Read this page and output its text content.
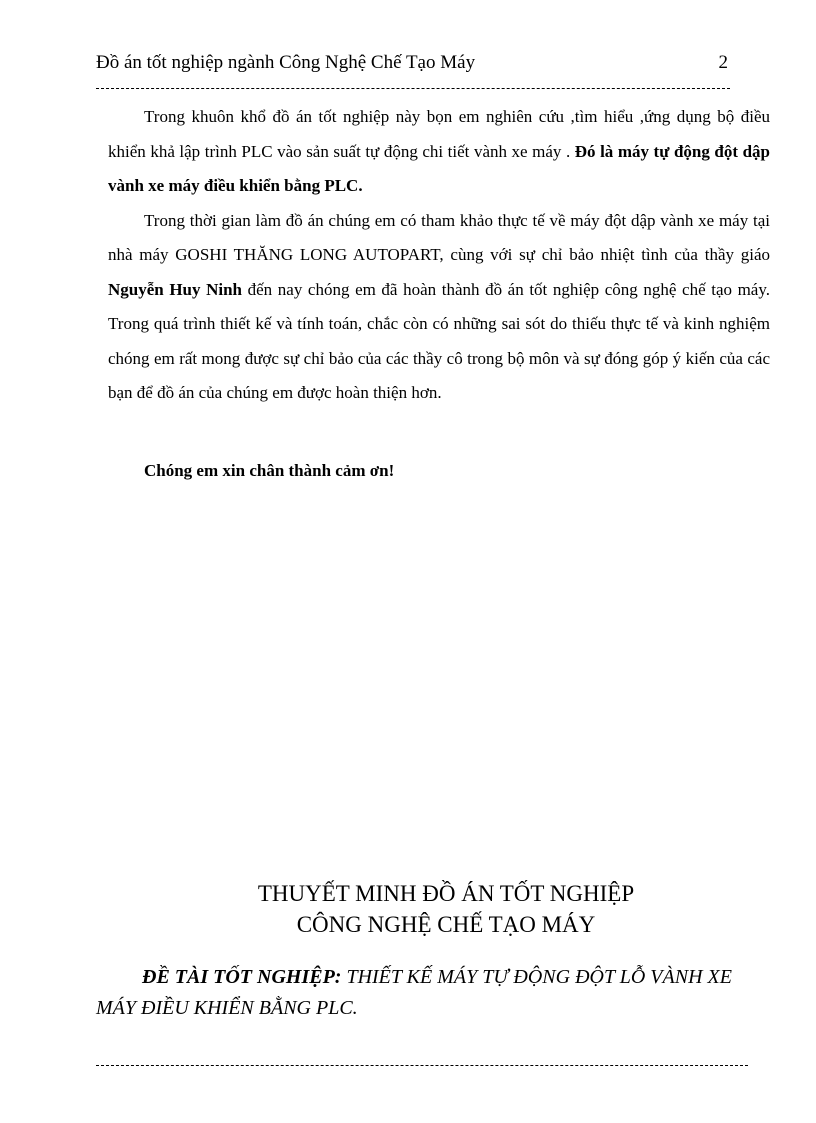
Đồ án tốt nghiệp ngành Công Nghệ Chế Tạo Máy	2

Trong khuôn khổ đồ án tốt nghiệp này bọn em nghiên cứu ,tìm hiểu ,ứng dụng bộ điều khiển khả lập trình PLC vào sản suất tự động chi tiết vành xe máy . Đó là máy tự động đột dập vành xe máy điều khiển bằng PLC.

Trong thời gian làm đồ án chúng em có tham khảo thực tế về máy đột dập vành xe máy tại nhà máy GOSHI THĂNG LONG AUTOPART, cùng với sự chỉ bảo nhiệt tình của thầy giáo Nguyễn Huy Ninh đến nay chóng em đã hoàn thành đồ án tốt nghiệp công nghệ chế tạo máy. Trong quá trình thiết kế và tính toán, chắc còn có những sai sót do thiếu thực tế và kinh nghiệm chóng em rất mong được sự chỉ bảo của các thầy cô trong bộ môn và sự đóng góp ý kiến của các bạn để đồ án của chúng em được hoàn thiện hơn.

Chóng em xin chân thành cảm ơn!
THUYẾT MINH ĐỒ ÁN TỐT NGHIỆP
CÔNG NGHỆ CHẾ TẠO MÁY
ĐỀ TÀI TỐT NGHIỆP: THIẾT KẾ MÁY TỰ ĐỘNG ĐỘT LỖ VÀNH XE MÁY ĐIỀU KHIỂN BẰNG PLC.
